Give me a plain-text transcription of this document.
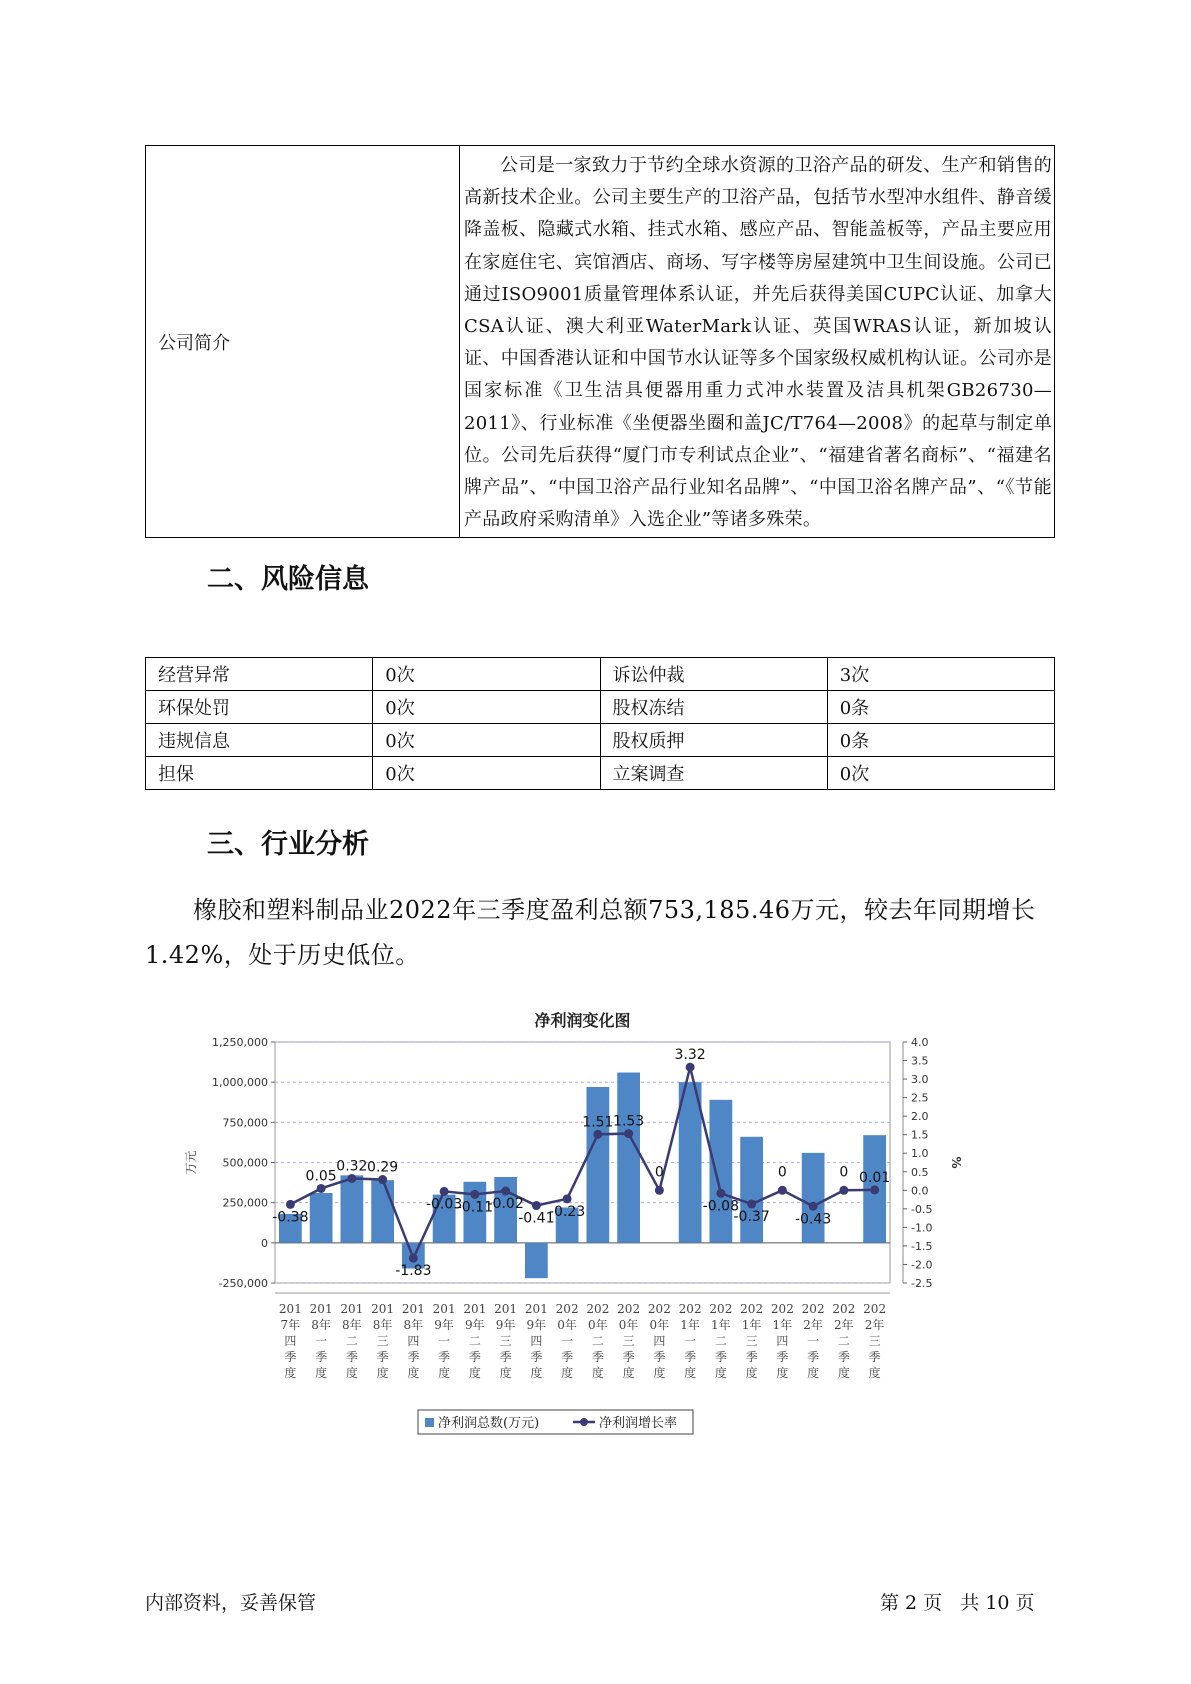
公司简介	公司是一家致力于节约全球水资源的卫浴产品的研发、生产和销售的高新技术企业。公司主要生产的卫浴产品，包括节水型冲水组件、静音缓降盖板、隐藏式水箱、挂式水箱、感应产品、智能盖板等，产品主要应用在家庭住宅、宾馆酒店、商场、写字楼等房屋建筑中卫生间设施。公司已通过ISO9001质量管理体系认证，并先后获得美国CUPC认证、加拿大CSA认证、澳大利亚WaterMark认证、英国WRAS认证，新加坡认证、中国香港认证和中国节水认证等多个国家级权威机构认证。公司亦是国家标准《卫生洁具便器用重力式冲水装置及洁具机架GB26730—2011》、行业标准《坐便器坐圈和盖JC/T764—2008》的起草与制定单位。公司先后获得“厦门市专利试点企业”、“福建省著名商标”、“福建名牌产品”、“中国卫浴产品行业知名品牌”、“中国卫浴名牌产品”、“《节能产品政府采购清单》入选企业”等诸多殊荣。
二、风险信息
经营异常	0次	诉讼仲裁	3次
环保处罚	0次	股权冻结	0条
违规信息	0次	股权质押	0条
担保	0次	立案调查	0次
三、行业分析

橡胶和塑料制品业2022年三季度盈利总额753,185.46万元，较去年同期增长1.42%，处于历史低位。

净利润变化图
1,250,000
1,000,000
750,000
500,000
250,000
0
-250,000
4.0
3.5
3.0
2.5
2.0
1.5
1.0
0.5
0.0
-0.5
-1.0
-1.5
-2.0
-2.5
万元	%
-0.38
0.05
0.32 0.29
-1.83
-0.03
-0.11
-0.02
-0.41
-0.23
1.51 1.53
0
3.32
-0.08
-0.37
0
-0.43
0 0.01
201
7年
四
季
度
201
8年
一
季
度
201
8年
二
季
度
201
8年
三
季
度
201
8年
四
季
度
201
9年
一
季
度
201
9年
二
季
度
201
9年
三
季
度
201
9年
四
季
度
202
0年
一
季
度
202
0年
二
季
度
202
0年
三
季
度
202
0年
四
季
度
202
1年
一
季
度
202
1年
二
季
度
202
1年
三
季
度
202
1年
四
季
度
202
2年
一
季
度
202
2年
二
季
度
202
2年
三
季
度
净利润总数(万元)	净利润增长率
内部资料，妥善保管	第 2 页   共 10 页
